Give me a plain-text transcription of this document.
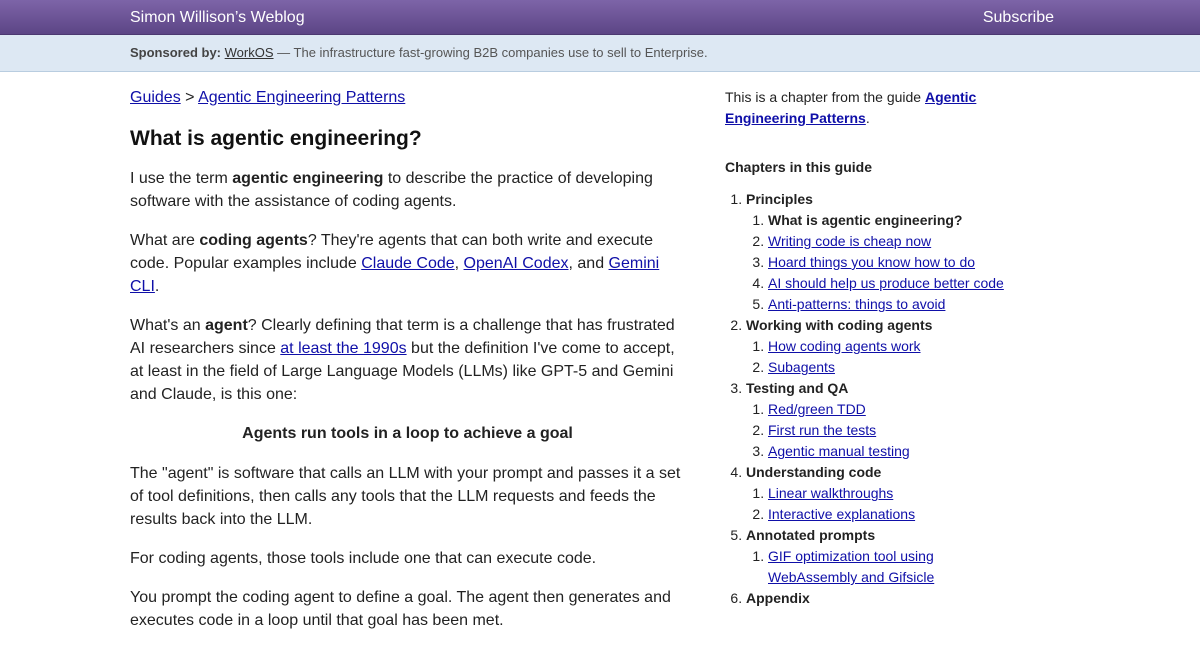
Simon Willison’s Weblog	Subscribe
Sponsored by: WorkOS — The infrastructure fast-growing B2B companies use to sell to Enterprise.
Guides > Agentic Engineering Patterns
What is agentic engineering?

I use the term agentic engineering to describe the practice of developing software with the assistance of coding agents.

What are coding agents? They're agents that can both write and execute code. Popular examples include Claude Code, OpenAI Codex, and Gemini CLI.

What's an agent? Clearly defining that term is a challenge that has frustrated AI researchers since at least the 1990s but the definition I've come to accept, at least in the field of Large Language Models (LLMs) like GPT-5 and Gemini and Claude, is this one:

Agents run tools in a loop to achieve a goal

The "agent" is software that calls an LLM with your prompt and passes it a set of tool definitions, then calls any tools that the LLM requests and feeds the results back into the LLM.

For coding agents, those tools include one that can execute code.

You prompt the coding agent to define a goal. The agent then generates and executes code in a loop until that goal has been met.

This is a chapter from the guide Agentic Engineering Patterns.

Chapters in this guide
1. Principles
1. What is agentic engineering?
2. Writing code is cheap now
3. Hoard things you know how to do
4. AI should help us produce better code
5. Anti-patterns: things to avoid
2. Working with coding agents
1. How coding agents work
2. Subagents
3. Testing and QA
1. Red/green TDD
2. First run the tests
3. Agentic manual testing
4. Understanding code
1. Linear walkthroughs
2. Interactive explanations
5. Annotated prompts
1. GIF optimization tool using WebAssembly and Gifsicle
6. Appendix
